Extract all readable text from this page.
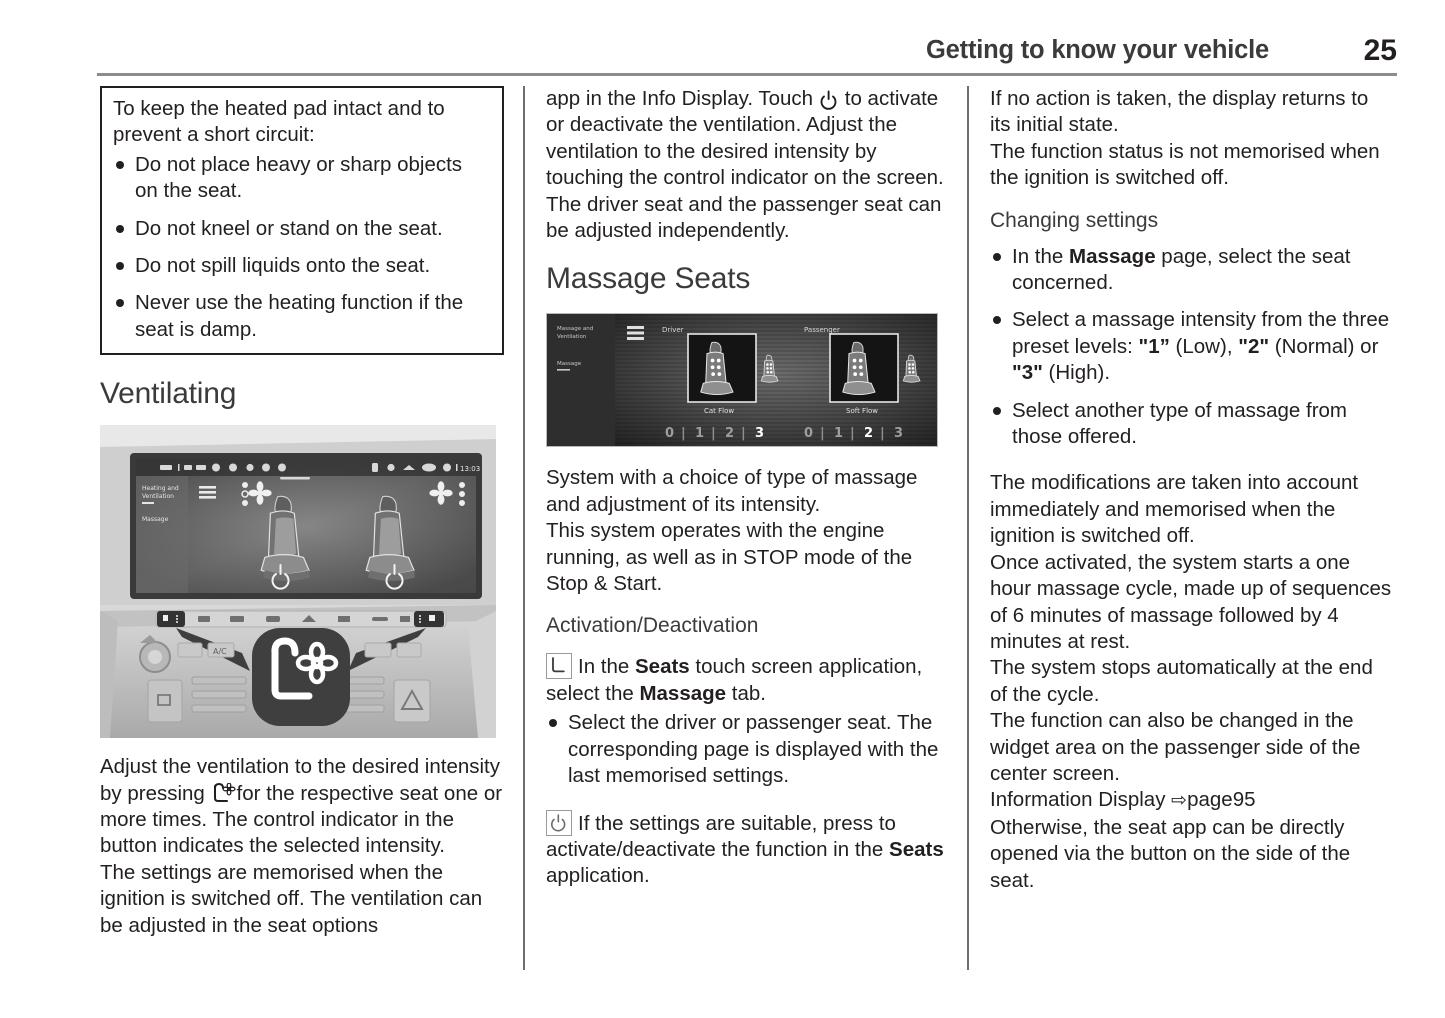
Getting to know your vehicle	25
To keep the heated pad intact and to prevent a short circuit:
Do not place heavy or sharp objects on the seat.
Do not kneel or stand on the seat.
Do not spill liquids onto the seat.
Never use the heating function if the seat is damp.
Ventilating
13:03
Heating and
Ventilation
Massage
A/C

Adjust the ventilation to the desired intensity by pressing for the respective seat one or more times. The control indicator in the button indicates the selected intensity.

The settings are memorised when the ignition is switched off. The ventilation can be adjusted in the seat options

app in the Info Display. Touch to activate or deactivate the ventilation. Adjust the ventilation to the desired intensity by touching the control indicator on the screen. The driver seat and the passenger seat can be adjusted independently.

Massage Seats
Massage and
Ventilation
Massage
Driver	Passenger
Cat Flow	Soft Flow
0 | 1 | 2 | 3	0 | 1 | 2 | 3

System with a choice of type of massage and adjustment of its intensity.

This system operates with the engine running, as well as in STOP mode of the Stop & Start.

Activation/Deactivation

In the Seats touch screen application, select the Massage tab.

Select the driver or passenger seat. The corresponding page is displayed with the last memorised settings.

If the settings are suitable, press to activate/deactivate the function in the Seats application.

If no action is taken, the display returns to its initial state.

The function status is not memorised when the ignition is switched off.

Changing settings
In the Massage page, select the seat concerned.
Select a massage intensity from the three preset levels: "1” (Low), "2" (Normal) or "3" (High).
Select another type of massage from those offered.

The modifications are taken into account immediately and memorised when the ignition is switched off.

Once activated, the system starts a one hour massage cycle, made up of sequences of 6 minutes of massage followed by 4 minutes at rest.

The system stops automatically at the end of the cycle.

The function can also be changed in the widget area on the passenger side of the center screen.

Information Display ⇨page95

Otherwise, the seat app can be directly opened via the button on the side of the seat.
